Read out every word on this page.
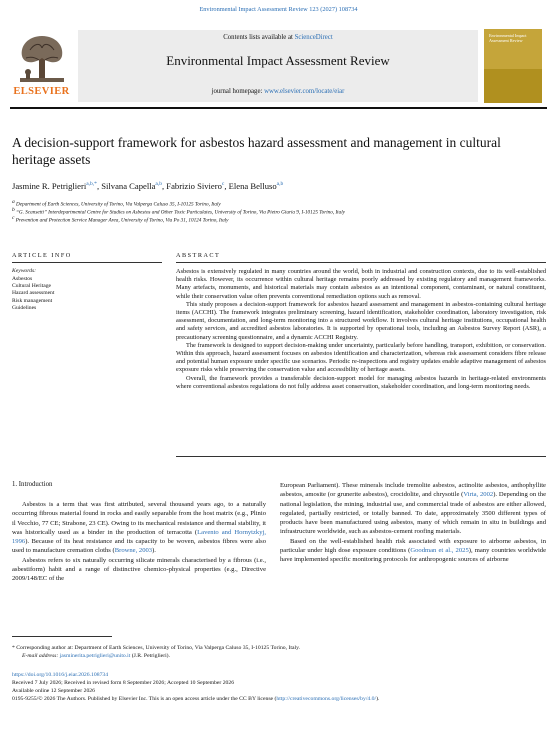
Environmental Impact Assessment Review 123 (2027) 108734
ELSEVIER
Contents lists available at ScienceDirect
Environmental Impact Assessment Review
journal homepage: www.elsevier.com/locate/eiar
Environmental Impact Assessment Review
A decision-support framework for asbestos hazard assessment and management in cultural heritage assets
Jasmine R. Petriglieri$^{a,b,*}$, Silvana Capella$^{a,b}$, Fabrizio Siviero$^c$, Elena Belluso$^{a,b}$
a Department of Earth Sciences, University of Torino, Via Valperga Caluso 35, I-10125 Torino, Italy
b “G. Scansetti” Interdepartmental Centre for Studies on Asbestos and Other Toxic Particulates, University of Torino, Via Pietro Giuria 9, I-10125 Torino, Italy
c Prevention and Protection Service Manager Area, University of Torino, Via Po 31, 10124 Torino, Italy
ARTICLE INFO	ABSTRACT
Keywords:
Asbestos
Cultural Heritage
Hazard assessment
Risk management
Guidelines

Asbestos is extensively regulated in many countries around the world, both in industrial and construction contexts, due to its well-established health risks. However, its occurrence within cultural heritage remains poorly addressed by existing regulatory and management frameworks. Many artefacts, monuments, and historical materials may contain asbestos as an intentional component, contaminant, or natural constituent, while their conservation value often prevents conventional remediation options such as removal.

This study proposes a decision-support framework for asbestos hazard assessment and management in asbestos-containing cultural heritage items (ACCHI). The framework integrates preliminary screening, hazard identification, stakeholder coordination, laboratory investigation, risk assessment, documentation, and long-term monitoring into a structured workflow. It involves cultural heritage institutions, occupational health and safety services, and accredited asbestos laboratories. It is supported by operational tools, including an Asbestos Survey Report (ASR), a precautionary screening questionnaire, and a dynamic ACCHI Registry.

The framework is designed to support decision-making under uncertainty, particularly before handling, transport, exhibition, or conservation. Within this approach, hazard assessment focuses on asbestos identification and characterization, whereas risk assessment considers fibre release and potential human exposure under specific use scenarios. Periodic re-inspections and registry updates enable adaptive management of asbestos exposure risks while preserving the conservation value and accessibility of heritage assets.

Overall, the framework provides a transferable decision-support model for managing asbestos hazards in heritage-related environments where conventional asbestos regulations do not fully address asset conservation, stakeholder coordination, and long-term monitoring needs.

1. Introduction

Asbestos is a term that was first attributed, several thousand years ago, to a naturally occurring fibrous material found in rocks and easily separable from the host matrix (e.g., Plinio il Vecchio, 77 CE; Strabone, 23 CE). Owing to its mechanical resistance and thermal stability, it was historically used as a binder in the production of terracotta (Lavento and Hornytzkyj, 1996). Because of its heat resistance and its capacity to be woven, asbestos fibres were also used to manufacture cremation cloths (Browne, 2003).

Asbestos refers to six naturally occurring silicate minerals characterised by a fibrous (i.e., asbestiform) habit and a range of distinctive chemico-physical properties (e.g., Directive 2009/148/EC of the

European Parliament). These minerals include tremolite asbestos, actinolite asbestos, anthophyllite asbestos, amosite (or grunerite asbestos), crocidolite, and chrysotile (Virta, 2002). Depending on the national legislation, the mining, industrial use, and commercial trade of asbestos are either allowed, regulated, partially restricted, or totally banned. To date, approximately 3500 different types of products have been manufactured using asbestos, many of which remain in situ in buildings and infrastructure worldwide, such as asbestos-cement roofing materials.

Based on the well-established health risk associated with exposure to airborne asbestos, in particular under high dose exposure conditions (Goodman et al., 2025), many countries worldwide have implemented specific monitoring protocols for anthropogenic sources of airborne

* Corresponding author at: Department of Earth Sciences, University of Torino, Via Valperga Caluso 35, I-10125 Torino, Italy.
E-mail address: jasminerita.petriglieri@unito.it (J.R. Petriglieri).
https://doi.org/10.1016/j.eiar.2026.108734
Received 7 July 2026; Received in revised form 8 September 2026; Accepted 10 September 2026
Available online 12 September 2026
0195-9255/© 2026 The Authors. Published by Elsevier Inc. This is an open access article under the CC BY license (http://creativecommons.org/licenses/by/4.0/).
